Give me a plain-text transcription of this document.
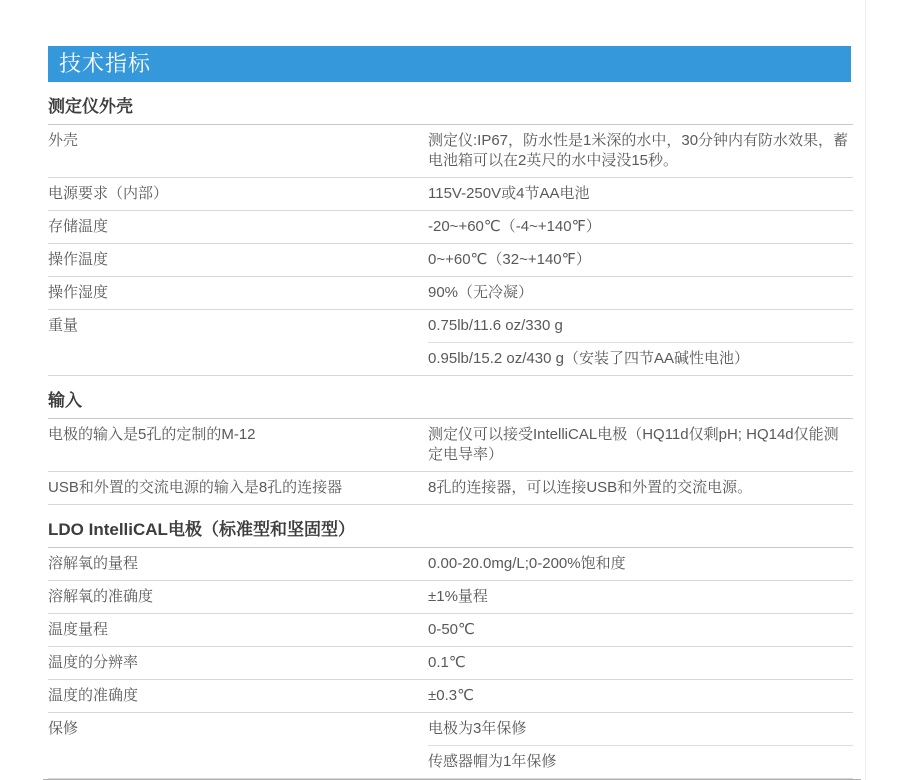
技术指标
测定仪外壳
外壳	测定仪:IP67，防水性是1米深的水中，30分钟内有防水效果，蓄电池箱可以在2英尺的水中浸没15秒。
电源要求（内部）	115V-250V或4节AA电池
存储温度	-20~+60℃（-4~+140℉）
操作温度	0~+60℃（32~+140℉）
操作湿度	90%（无冷凝）
重量	0.75lb/11.6 oz/330 g
0.95lb/15.2 oz/430 g（安装了四节AA碱性电池）
输入
电极的输入是5孔的定制的M-12	测定仪可以接受IntelliCAL电极（HQ11d仅剩pH; HQ14d仅能测定电导率）
USB和外置的交流电源的输入是8孔的连接器	8孔的连接器，可以连接USB和外置的交流电源。
LDO IntelliCAL电极（标准型和坚固型）
溶解氧的量程	0.00-20.0mg/L;0-200%饱和度
溶解氧的准确度	±1%量程
温度量程	0-50℃
温度的分辨率	0.1℃
温度的准确度	±0.3℃
保修	电极为3年保修
传感器帽为1年保修
